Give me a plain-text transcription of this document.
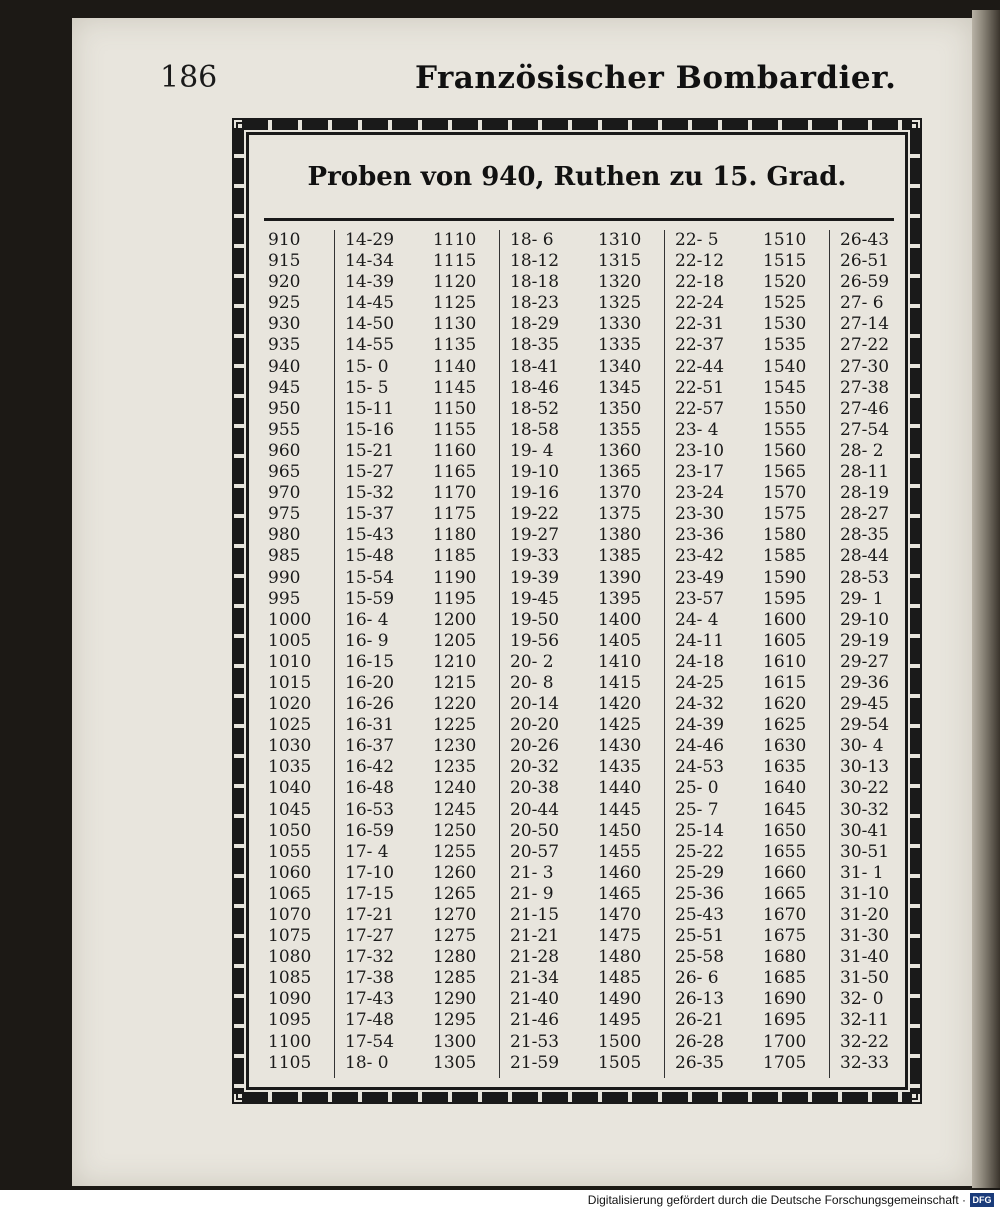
186	Französischer Bombardier.
Proben von 940, Ruthen zu 15. Grad.
910
915
920
925
930
935
940
945
950
955
960
965
970
975
980
985
990
995
1000
1005
1010
1015
1020
1025
1030
1035
1040
1045
1050
1055
1060
1065
1070
1075
1080
1085
1090
1095
1100
1105
14-29
14-34
14-39
14-45
14-50
14-55
15- 0
15- 5
15-11
15-16
15-21
15-27
15-32
15-37
15-43
15-48
15-54
15-59
16- 4
16- 9
16-15
16-20
16-26
16-31
16-37
16-42
16-48
16-53
16-59
17- 4
17-10
17-15
17-21
17-27
17-32
17-38
17-43
17-48
17-54
18- 0
1110
1115
1120
1125
1130
1135
1140
1145
1150
1155
1160
1165
1170
1175
1180
1185
1190
1195
1200
1205
1210
1215
1220
1225
1230
1235
1240
1245
1250
1255
1260
1265
1270
1275
1280
1285
1290
1295
1300
1305
18- 6
18-12
18-18
18-23
18-29
18-35
18-41
18-46
18-52
18-58
19- 4
19-10
19-16
19-22
19-27
19-33
19-39
19-45
19-50
19-56
20- 2
20- 8
20-14
20-20
20-26
20-32
20-38
20-44
20-50
20-57
21- 3
21- 9
21-15
21-21
21-28
21-34
21-40
21-46
21-53
21-59
1310
1315
1320
1325
1330
1335
1340
1345
1350
1355
1360
1365
1370
1375
1380
1385
1390
1395
1400
1405
1410
1415
1420
1425
1430
1435
1440
1445
1450
1455
1460
1465
1470
1475
1480
1485
1490
1495
1500
1505
22- 5
22-12
22-18
22-24
22-31
22-37
22-44
22-51
22-57
23- 4
23-10
23-17
23-24
23-30
23-36
23-42
23-49
23-57
24- 4
24-11
24-18
24-25
24-32
24-39
24-46
24-53
25- 0
25- 7
25-14
25-22
25-29
25-36
25-43
25-51
25-58
26- 6
26-13
26-21
26-28
26-35
1510
1515
1520
1525
1530
1535
1540
1545
1550
1555
1560
1565
1570
1575
1580
1585
1590
1595
1600
1605
1610
1615
1620
1625
1630
1635
1640
1645
1650
1655
1660
1665
1670
1675
1680
1685
1690
1695
1700
1705
26-43
26-51
26-59
27- 6
27-14
27-22
27-30
27-38
27-46
27-54
28- 2
28-11
28-19
28-27
28-35
28-44
28-53
29- 1
29-10
29-19
29-27
29-36
29-45
29-54
30- 4
30-13
30-22
30-32
30-41
30-51
31- 1
31-10
31-20
31-30
31-40
31-50
32- 0
32-11
32-22
32-33
Digitalisierung gefördert durch die Deutsche Forschungsgemeinschaft · DFG
